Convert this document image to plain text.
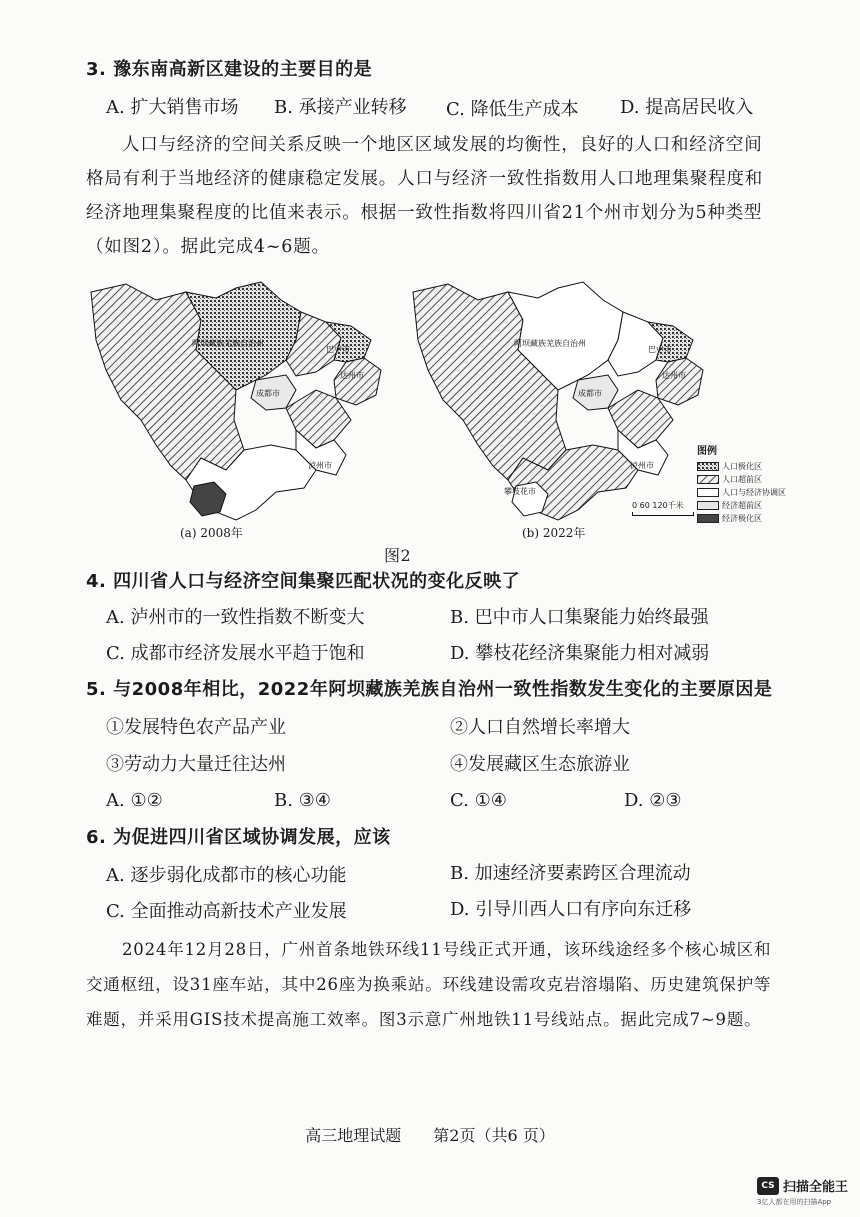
3. 豫东南高新区建设的主要目的是
A. 扩大销售市场 B. 承接产业转移 C. 降低生产成本 D. 提高居民收入
人口与经济的空间关系反映一个地区区域发展的均衡性，良好的人口和经济空间格局有利于当地经济的健康稳定发展。人口与经济一致性指数用人口地理集聚程度和经济地理集聚程度的比值来表示。根据一致性指数将四川省21个州市划分为5种类型（如图2）。据此完成4~6题。
阿坝藏族羌族自治州
巴中市
达州市
成都市
泸州市
(a) 2008年
阿坝藏族羌族自治州
巴中市
达州市
成都市
泸州市
攀枝花市
(b) 2022年
0 60 120千米
图例
人口极化区
人口超前区
人口与经济协调区
经济超前区
经济极化区
图2
4. 四川省人口与经济空间集聚匹配状况的变化反映了
A. 泸州市的一致性指数不断变大	B. 巴中市人口集聚能力始终最强
C. 成都市经济发展水平趋于饱和	D. 攀枝花经济集聚能力相对减弱
5. 与2008年相比，2022年阿坝藏族羌族自治州一致性指数发生变化的主要原因是
①发展特色农产品产业	②人口自然增长率增大
③劳动力大量迁往达州	④发展藏区生态旅游业
A. ①②	B. ③④	C. ①④	D. ②③
6. 为促进四川省区域协调发展，应该
A. 逐步弱化成都市的核心功能	B. 加速经济要素跨区合理流动
C. 全面推动高新技术产业发展	D. 引导川西人口有序向东迁移
2024年12月28日，广州首条地铁环线11号线正式开通，该环线途经多个核心城区和交通枢纽，设31座车站，其中26座为换乘站。环线建设需攻克岩溶塌陷、历史建筑保护等难题，并采用GIS技术提高施工效率。图3示意广州地铁11号线站点。据此完成7~9题。
高三地理试题　　第2页（共6 页）
CS 扫描全能王
3亿人都在用的扫描App
